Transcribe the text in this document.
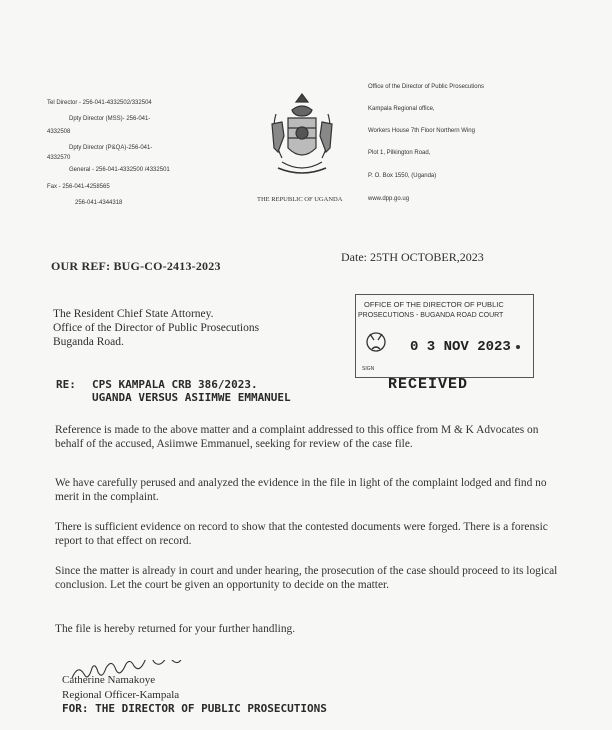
Tel Director - 256-041-4332502/332504
Dpty Director (MSS)- 256-041-
4332508
Dpty Director (P&QA)-256-041-
4332570
General - 256-041-4332500 /4332501
Fax - 256-041-4258565
256-041-4344318	THE REPUBLIC OF UGANDA
Office of the Director of Public Prosecutions
Kampala Regional office,
Workers House 7th Floor Northern Wing
Plot 1, Pilkington Road,
P. O. Box 1550, (Uganda)
www.dpp.go.ug
OUR REF: BUG-CO-2413-2023
Date: 25TH OCTOBER,2023
The Resident Chief State Attorney.
Office of the Director of Public Prosecutions
Buganda Road.
OFFICE OF THE DIRECTOR OF PUBLIC
PROSECUTIONS - BUGANDA ROAD COURT
0 3 NOV 2023
SIGN
RECEIVED
RE: CPS KAMPALA CRB 386/2023.
UGANDA VERSUS ASIIMWE EMMANUEL
Reference is made to the above matter and a complaint addressed to this office from M & K Advocates on behalf of the accused, Asiimwe Emmanuel, seeking for review of the case file.
We have carefully perused and analyzed the evidence in the file in light of the complaint lodged and find no merit in the complaint.
There is sufficient evidence on record to show that the contested documents were forged. There is a forensic report to that effect on record.
Since the matter is already in court and under hearing, the prosecution of the case should proceed to its logical conclusion. Let the court be given an opportunity to decide on the matter.
The file is hereby returned for your further handling.
Catherine Namakoye
Regional Officer-Kampala
FOR: THE DIRECTOR OF PUBLIC PROSECUTIONS
